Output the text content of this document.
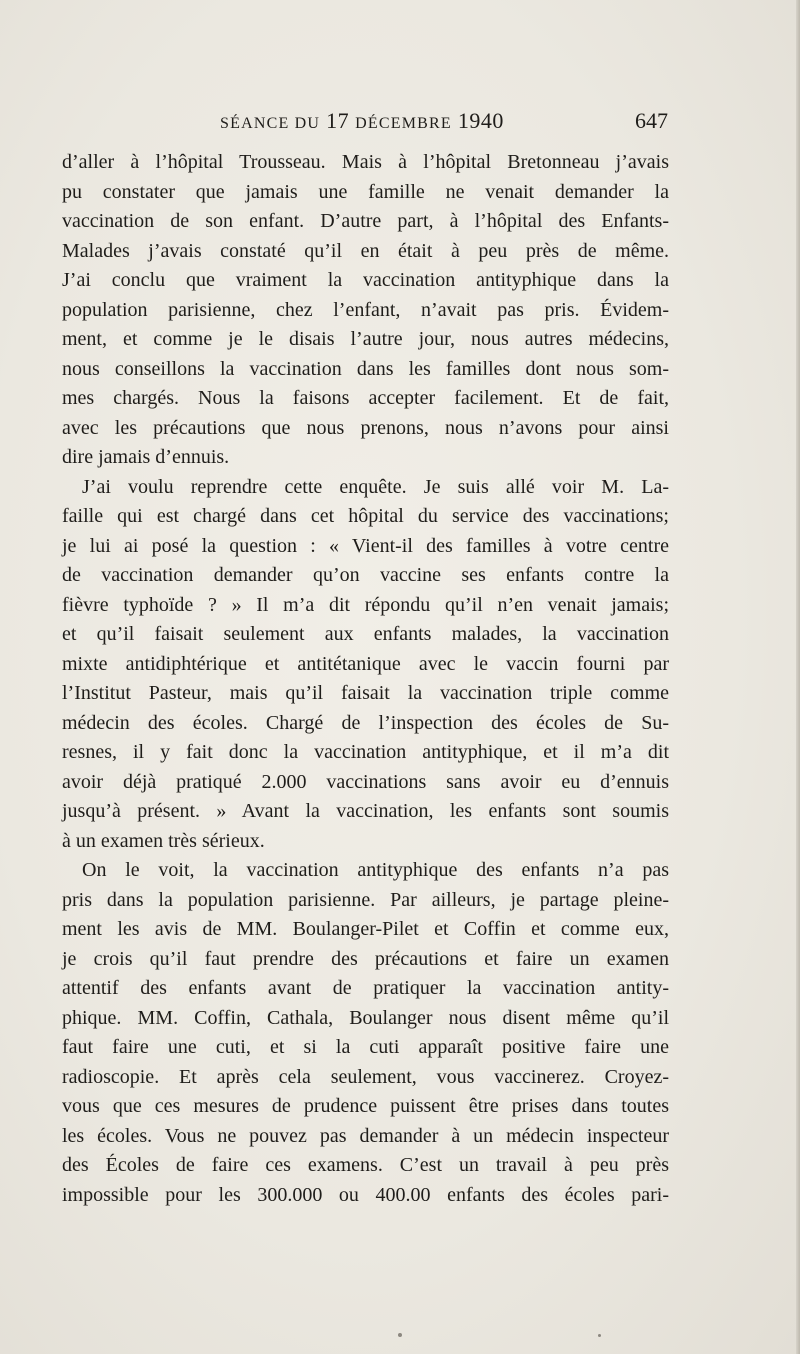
SÉANCE DU 17 DÉCEMBRE 1940	647
d’aller à l’hôpital Trousseau. Mais à l’hôpital Bretonneau j’avais
pu constater que jamais une famille ne venait demander la
vaccination de son enfant. D’autre part, à l’hôpital des Enfants-
Malades j’avais constaté qu’il en était à peu près de même.
J’ai conclu que vraiment la vaccination antityphique dans la
population parisienne, chez l’enfant, n’avait pas pris. Évidem-
ment, et comme je le disais l’autre jour, nous autres médecins,
nous conseillons la vaccination dans les familles dont nous som-
mes chargés. Nous la faisons accepter facilement. Et de fait,
avec les précautions que nous prenons, nous n’avons pour ainsi
dire jamais d’ennuis.
J’ai voulu reprendre cette enquête. Je suis allé voir M. La-
faille qui est chargé dans cet hôpital du service des vaccinations;
je lui ai posé la question : « Vient-il des familles à votre centre
de vaccination demander qu’on vaccine ses enfants contre la
fièvre typhoïde ? » Il m’a dit répondu qu’il n’en venait jamais;
et qu’il faisait seulement aux enfants malades, la vaccination
mixte antidiphtérique et antitétanique avec le vaccin fourni par
l’Institut Pasteur, mais qu’il faisait la vaccination triple comme
médecin des écoles. Chargé de l’inspection des écoles de Su-
resnes, il y fait donc la vaccination antityphique, et il m’a dit
avoir déjà pratiqué 2.000 vaccinations sans avoir eu d’ennuis
jusqu’à présent. » Avant la vaccination, les enfants sont soumis
à un examen très sérieux.
On le voit, la vaccination antityphique des enfants n’a pas
pris dans la population parisienne. Par ailleurs, je partage pleine-
ment les avis de MM. Boulanger-Pilet et Coffin et comme eux,
je crois qu’il faut prendre des précautions et faire un examen
attentif des enfants avant de pratiquer la vaccination antity-
phique. MM. Coffin, Cathala, Boulanger nous disent même qu’il
faut faire une cuti, et si la cuti apparaît positive faire une
radioscopie. Et après cela seulement, vous vaccinerez. Croyez-
vous que ces mesures de prudence puissent être prises dans toutes
les écoles. Vous ne pouvez pas demander à un médecin inspecteur
des Écoles de faire ces examens. C’est un travail à peu près
impossible pour les 300.000 ou 400.00 enfants des écoles pari-
